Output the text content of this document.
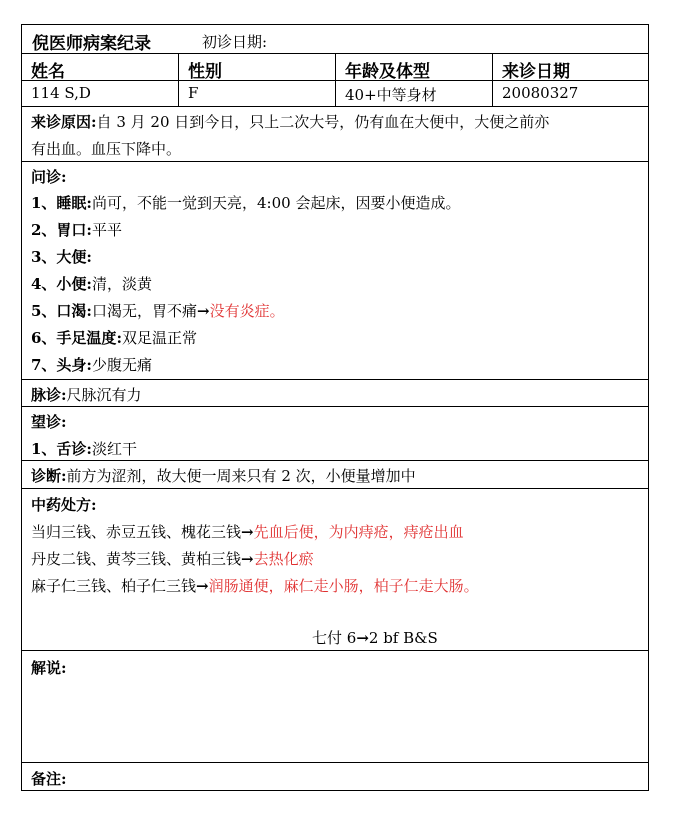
倪医师病案纪录	初诊日期:
姓名	性别	年龄及体型	来诊日期
114 S,D	F	40+中等身材	20080327
来诊原因:自 3 月 20 日到今日，只上二次大号，仍有血在大便中，大便之前亦
有出血。血压下降中。
问诊:
1、睡眠:尚可，不能一觉到天亮，4:00 会起床，因要小便造成。
2、胃口:平平
3、大便:
4、小便:清，淡黄
5、口渴:口渴无，胃不痛→没有炎症。
6、手足温度:双足温正常
7、头身:少腹无痛
脉诊:尺脉沉有力
望诊:
1、舌诊:淡红干
诊断:前方为涩剂，故大便一周来只有 2 次，小便量增加中
中药处方:
当归三钱、赤豆五钱、槐花三钱→先血后便，为内痔疮，痔疮出血
丹皮二钱、黄芩三钱、黄柏三钱→去热化瘀
麻子仁三钱、柏子仁三钱→润肠通便，麻仁走小肠，柏子仁走大肠。
七付 6→2 bf B&S
解说:
备注:
